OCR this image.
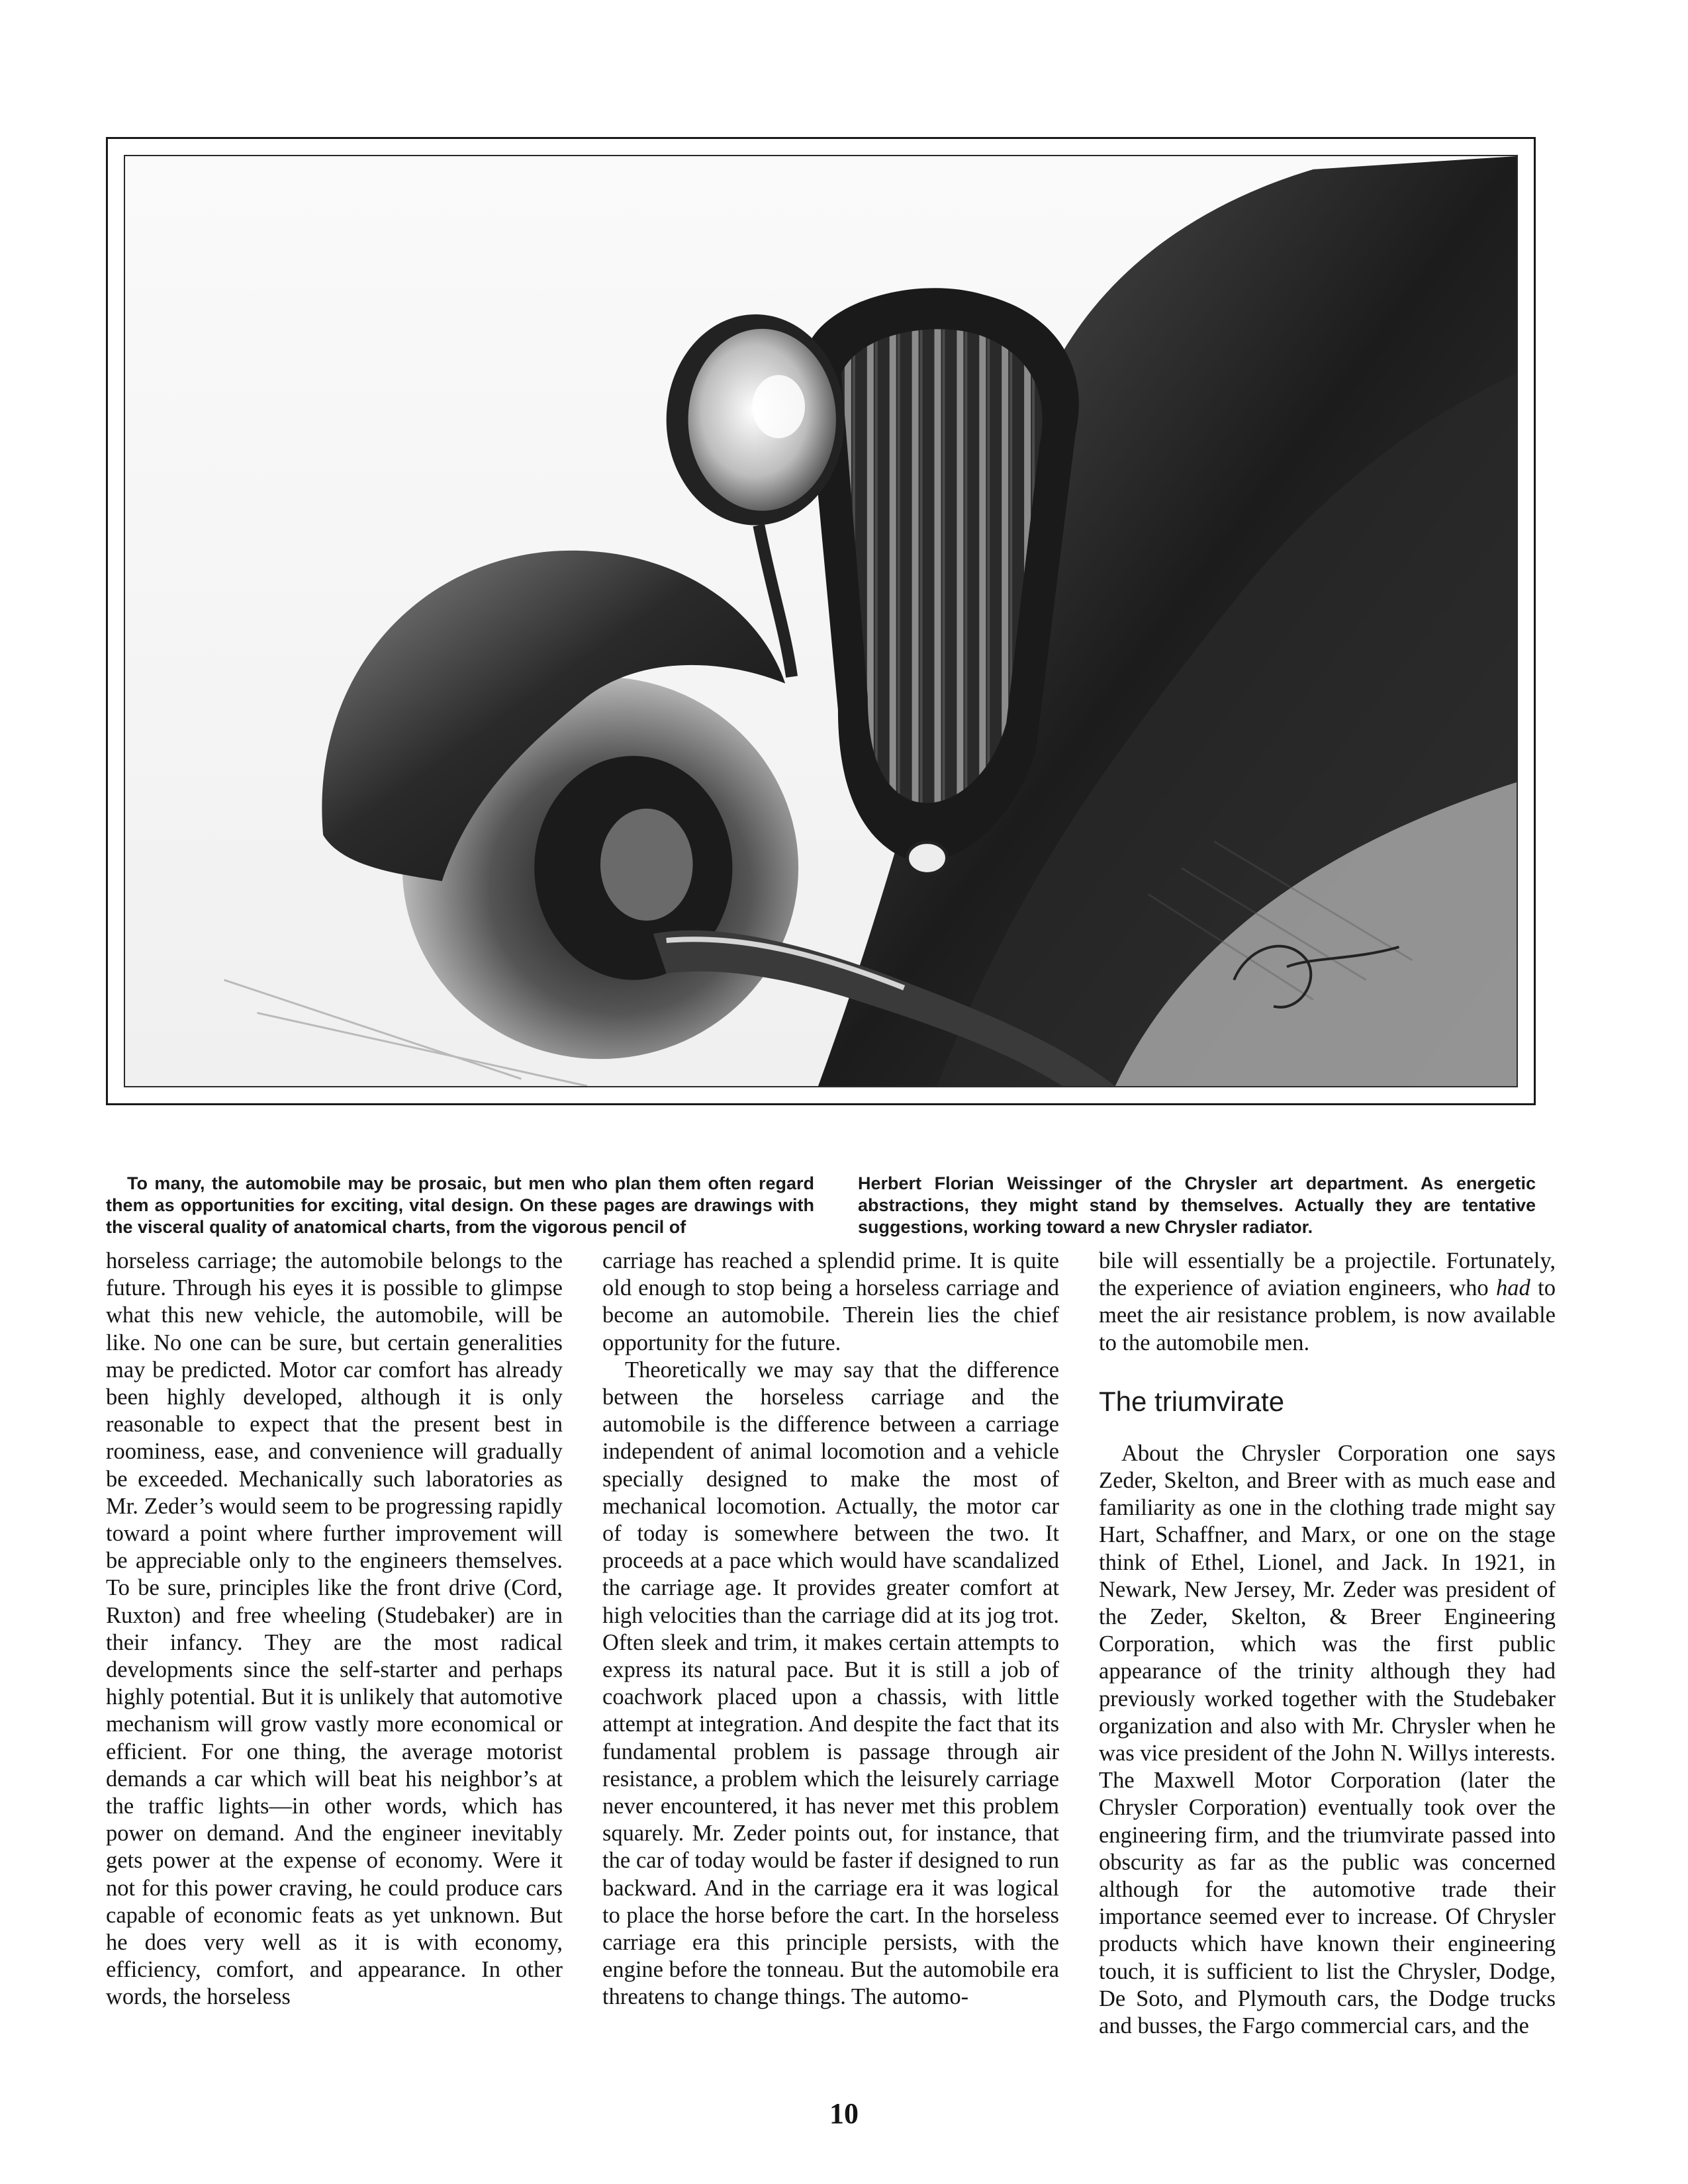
To many, the automobile may be prosaic, but men who plan them often regard them as opportunities for exciting, vital design. On these pages are drawings with the visceral quality of anatomical charts, from the vigorous pencil of
Herbert Florian Weissinger of the Chrysler art department. As energetic abstractions, they might stand by themselves. Actually they are tentative suggestions, working toward a new Chrysler radiator.

horseless carriage; the automobile belongs to the future. Through his eyes it is possible to glimpse what this new vehicle, the automobile, will be like. No one can be sure, but certain generalities may be predicted. Motor car comfort has already been highly developed, although it is only reasonable to expect that the present best in roominess, ease, and convenience will gradually be exceeded. Mechanically such laboratories as Mr. Zeder’s would seem to be progressing rapidly toward a point where further improvement will be appreciable only to the engineers themselves. To be sure, principles like the front drive (Cord, Ruxton) and free wheeling (Studebaker) are in their infancy. They are the most radical developments since the self-starter and perhaps highly potential. But it is unlikely that automotive mechanism will grow vastly more economical or efficient. For one thing, the average motorist demands a car which will beat his neighbor’s at the traffic lights—in other words, which has power on demand. And the engineer inevitably gets power at the expense of economy. Were it not for this power craving, he could produce cars capable of economic feats as yet unknown. But he does very well as it is with economy, efficiency, comfort, and appearance. In other words, the horseless

carriage has reached a splendid prime. It is quite old enough to stop being a horseless carriage and become an automobile. Therein lies the chief opportunity for the future.

Theoretically we may say that the difference between the horseless carriage and the automobile is the difference between a carriage independent of animal locomotion and a vehicle specially designed to make the most of mechanical locomotion. Actually, the motor car of today is somewhere between the two. It proceeds at a pace which would have scandalized the carriage age. It provides greater comfort at high velocities than the carriage did at its jog trot. Often sleek and trim, it makes certain attempts to express its natural pace. But it is still a job of coachwork placed upon a chassis, with little attempt at integration. And despite the fact that its fundamental problem is passage through air resistance, a problem which the leisurely carriage never encountered, it has never met this problem squarely. Mr. Zeder points out, for instance, that the car of today would be faster if designed to run backward. And in the carriage era it was logical to place the horse before the cart. In the horseless carriage era this principle persists, with the engine before the tonneau. But the automobile era threatens to change things. The automo-

bile will essentially be a projectile. Fortunately, the experience of aviation engineers, who had to meet the air resistance problem, is now available to the automobile men.

The triumvirate

About the Chrysler Corporation one says Zeder, Skelton, and Breer with as much ease and familiarity as one in the clothing trade might say Hart, Schaffner, and Marx, or one on the stage think of Ethel, Lionel, and Jack. In 1921, in Newark, New Jersey, Mr. Zeder was president of the Zeder, Skelton, & Breer Engineering Corporation, which was the first public appearance of the trinity although they had previously worked together with the Studebaker organization and also with Mr. Chrysler when he was vice president of the John N. Willys interests. The Maxwell Motor Corporation (later the Chrysler Corporation) eventually took over the engineering firm, and the triumvirate passed into obscurity as far as the public was concerned although for the automotive trade their importance seemed ever to increase. Of Chrysler products which have known their engineering touch, it is sufficient to list the Chrysler, Dodge, De Soto, and Plymouth cars, the Dodge trucks and busses, the Fargo commercial cars, and the

10
